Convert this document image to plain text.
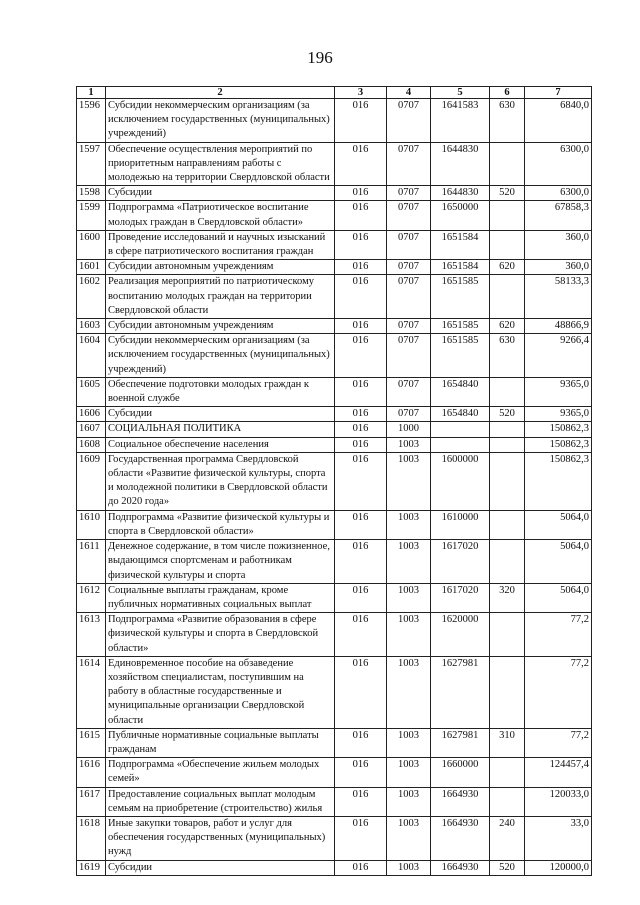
196
1	2	3	4	5	6	7
1596	Субсидии некоммерческим организациям (за исключением государственных (муниципальных) учреждений)	016	0707	1641583	630	6840,0
1597	Обеспечение осуществления мероприятий по приоритетным направлениям работы с молодежью на территории Свердловской области	016	0707	1644830		6300,0
1598	Субсидии	016	0707	1644830	520	6300,0
1599	Подпрограмма «Патриотическое воспитание молодых граждан в Свердловской области»	016	0707	1650000		67858,3
1600	Проведение исследований и научных изысканий в сфере патриотического воспитания граждан	016	0707	1651584		360,0
1601	Субсидии автономным учреждениям	016	0707	1651584	620	360,0
1602	Реализация мероприятий по патриотическому воспитанию молодых граждан на территории Свердловской области	016	0707	1651585		58133,3
1603	Субсидии автономным учреждениям	016	0707	1651585	620	48866,9
1604	Субсидии некоммерческим организациям (за исключением государственных (муниципальных) учреждений)	016	0707	1651585	630	9266,4
1605	Обеспечение подготовки молодых граждан к военной службе	016	0707	1654840		9365,0
1606	Субсидии	016	0707	1654840	520	9365,0
1607	СОЦИАЛЬНАЯ ПОЛИТИКА	016	1000			150862,3
1608	Социальное обеспечение населения	016	1003			150862,3
1609	Государственная программа Свердловской области «Развитие физической культуры, спорта и молодежной политики в Свердловской области до 2020 года»	016	1003	1600000		150862,3
1610	Подпрограмма «Развитие физической культуры и спорта в Свердловской области»	016	1003	1610000		5064,0
1611	Денежное содержание, в том числе пожизненное, выдающимся спортсменам и работникам физической культуры и спорта	016	1003	1617020		5064,0
1612	Социальные выплаты гражданам, кроме публичных нормативных социальных выплат	016	1003	1617020	320	5064,0
1613	Подпрограмма «Развитие образования в сфере физической культуры и спорта в Свердловской области»	016	1003	1620000		77,2
1614	Единовременное пособие на обзаведение хозяйством специалистам, поступившим на работу в областные государственные и муниципальные организации Свердловской области	016	1003	1627981		77,2
1615	Публичные нормативные социальные выплаты гражданам	016	1003	1627981	310	77,2
1616	Подпрограмма «Обеспечение жильем молодых семей»	016	1003	1660000		124457,4
1617	Предоставление социальных выплат молодым семьям на приобретение (строительство) жилья	016	1003	1664930		120033,0
1618	Иные закупки товаров, работ и услуг для обеспечения государственных (муниципальных) нужд	016	1003	1664930	240	33,0
1619	Субсидии	016	1003	1664930	520	120000,0
